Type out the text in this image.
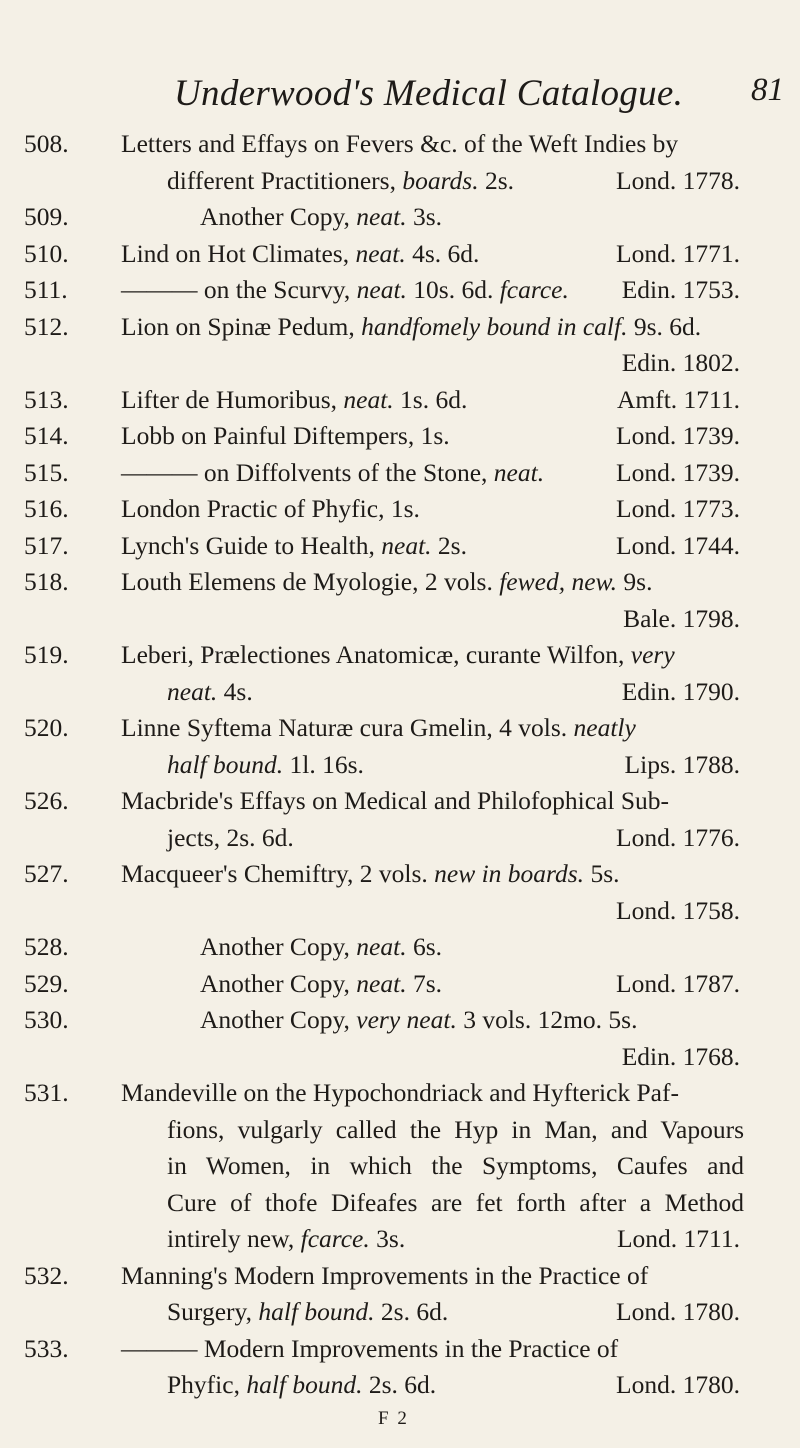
Underwood's Medical Catalogue. 81
508.	Letters and Effays on Fevers &c. of the Weft Indies by
different Practitioners, boards. 2s.	Lond. 1778.
509.	Another Copy, neat. 3s.
510.	Lind on Hot Climates, neat. 4s. 6d.	Lond. 1771.
511.	——— on the Scurvy, neat. 10s. 6d. fcarce. Edin. 1753.
512.	Lion on Spinæ Pedum, handfomely bound in calf. 9s. 6d.
Edin. 1802.
513.	Lifter de Humoribus, neat. 1s. 6d.	Amft. 1711.
514.	Lobb on Painful Diftempers, 1s.	Lond. 1739.
515.	——— on Diffolvents of the Stone, neat.	Lond. 1739.
516.	London Practic of Phyfic, 1s.	Lond. 1773.
517.	Lynch's Guide to Health, neat. 2s.	Lond. 1744.
518.	Louth Elemens de Myologie, 2 vols. fewed, new. 9s.
Bale. 1798.
519.	Leberi, Prælectiones Anatomicæ, curante Wilfon, very
neat. 4s.	Edin. 1790.
520.	Linne Syftema Naturæ cura Gmelin, 4 vols. neatly
half bound. 1l. 16s.	Lips. 1788.
526.	Macbride's Effays on Medical and Philofophical Sub-
jects, 2s. 6d.	Lond. 1776.
527.	Macqueer's Chemiftry, 2 vols. new in boards. 5s.
Lond. 1758.
528.	Another Copy, neat. 6s.
529.	Another Copy, neat. 7s.	Lond. 1787.
530.	Another Copy, very neat. 3 vols. 12mo. 5s.
Edin. 1768.
531.	Mandeville on the Hypochondriack and Hyfterick Paf-
fions, vulgarly called the Hyp in Man, and Vapours
in Women, in which the Symptoms, Caufes and
Cure of thofe Difeafes are fet forth after a Method
intirely new, fcarce. 3s.	Lond. 1711.
532.	Manning's Modern Improvements in the Practice of
Surgery, half bound. 2s. 6d.	Lond. 1780.
533.	——— Modern Improvements in the Practice of
Phyfic, half bound. 2s. 6d.	Lond. 1780.
F 2
